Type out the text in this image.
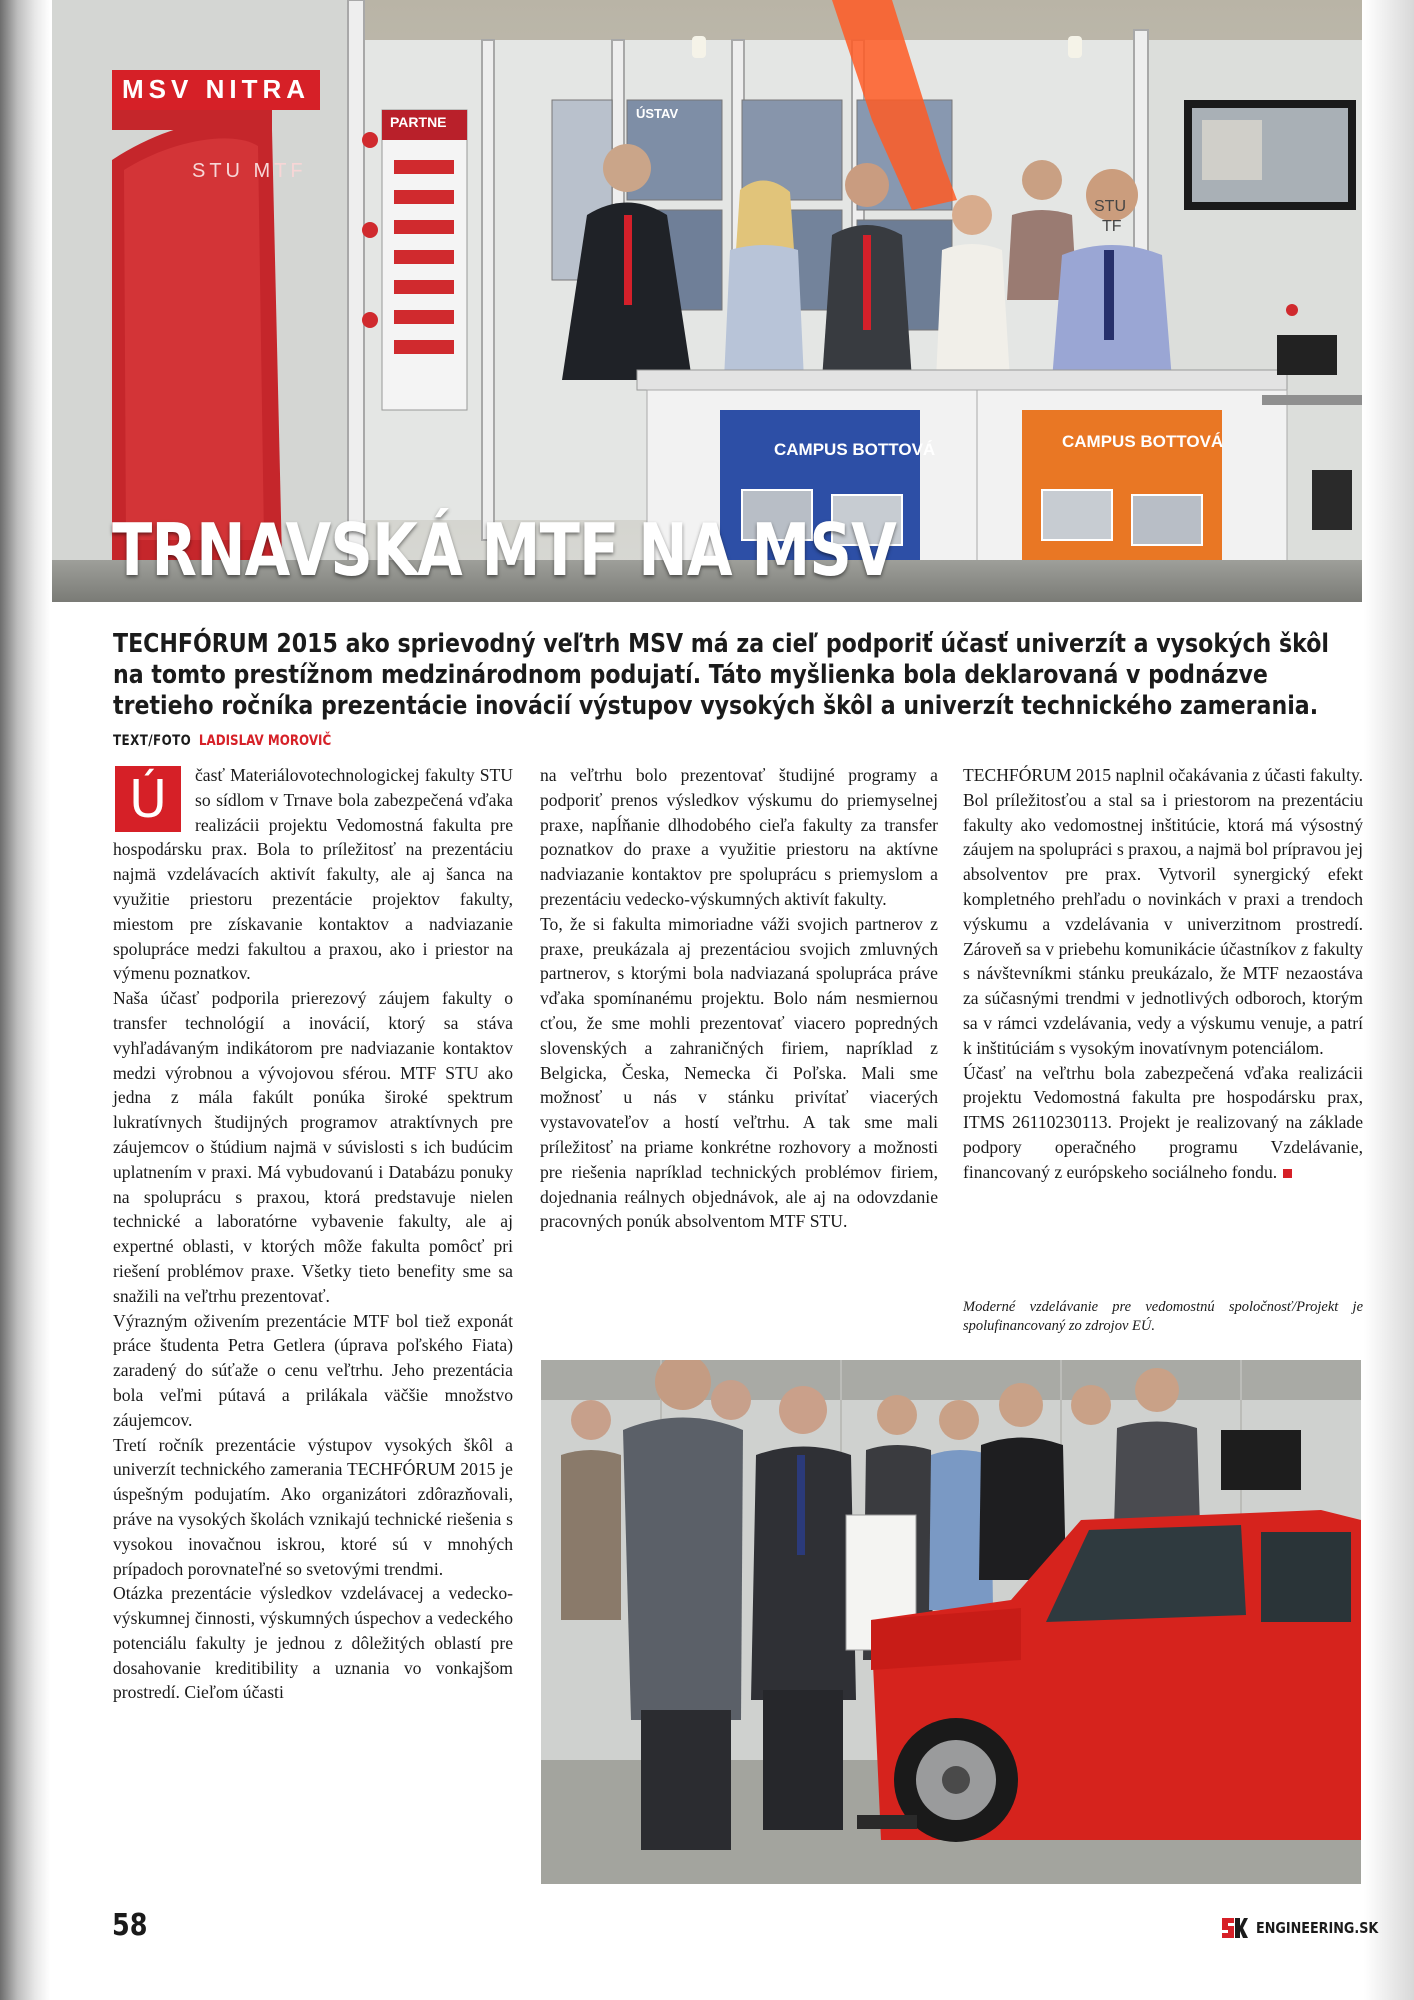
CAMPUS BOTTOVÁ	CAMPUS BOTTOVÁ
PARTNE
ÚSTAV
STU MTF
STU
TF
MSV NITRA
TRNAVSKÁ MTF NA MSV
TECHFÓRUM 2015 ako sprievodný veľtrh MSV má za cieľ podporiť účasť univerzít a vysokých škôl na tomto prestížnom medzinárodnom podujatí. Táto myšlienka bola deklarovaná v podnázve tretieho ročníka prezentácie inovácií výstupov vysokých škôl a univerzít technického zamerania. TEXT/FOTO LADISLAV MOROVIČ

Ú	časť Materiálovotechnologickej fakulty STU so sídlom v Trnave bola zabezpečená vďaka realizácii projektu Vedomostná fakulta pre hospodársku prax. Bola to príležitosť na prezentáciu najmä vzdelávacích aktivít fakulty, ale aj šanca na využitie priestoru prezentácie projektov fakulty, miestom pre získavanie kontaktov a nadviazanie spolupráce medzi fakultou a praxou, ako i priestor na výmenu poznatkov.

Naša účasť podporila prierezový záujem fakulty o transfer technológií a inovácií, ktorý sa stáva vyhľadávaným indikátorom pre nadviazanie kontaktov medzi výrobnou a vývojovou sférou. MTF STU ako jedna z mála fakúlt ponúka široké spektrum lukratívnych študijných programov atraktívnych pre záujemcov o štúdium najmä v súvislosti s ich budúcim uplatnením v praxi. Má vybudovanú i Databázu ponuky na spoluprácu s praxou, ktorá predstavuje nielen technické a laboratórne vybavenie fakulty, ale aj expertné oblasti, v ktorých môže fakulta pomôcť pri riešení problémov praxe. Všetky tieto benefity sme sa snažili na veľtrhu prezentovať.

Výrazným oživením prezentácie MTF bol tiež exponát práce študenta Petra Getlera (úprava poľského Fiata) zaradený do súťaže o cenu veľtrhu. Jeho prezentácia bola veľmi pútavá a prilákala väčšie množstvo záujemcov.

Tretí ročník prezentácie výstupov vysokých škôl a univerzít technického zamerania TECHFÓRUM 2015 je úspešným podujatím. Ako organizátori zdôrazňovali, práve na vysokých školách vznikajú technické riešenia s vysokou inovačnou iskrou, ktoré sú v mnohých prípadoch porovnateľné so svetovými trendmi.

Otázka prezentácie výsledkov vzdelávacej a vedecko-výskumnej činnosti, výskumných úspechov a vedeckého potenciálu fakulty je jednou z dôležitých oblastí pre dosahovanie kreditibility a uznania vo vonkajšom prostredí. Cieľom účasti

na veľtrhu bolo prezentovať študijné programy a podporiť prenos výsledkov výskumu do priemyselnej praxe, napĺňanie dlhodobého cieľa fakulty za transfer poznatkov do praxe a využitie priestoru na aktívne nadviazanie kontaktov pre spoluprácu s priemyslom a prezentáciu vedecko-výskumných aktivít fakulty.

To, že si fakulta mimoriadne váži svojich partnerov z praxe, preukázala aj prezentáciou svojich zmluvných partnerov, s ktorými bola nadviazaná spolupráca práve vďaka spomínanému projektu. Bolo nám nesmiernou cťou, že sme mohli prezentovať viacero popredných slovenských a zahraničných firiem, napríklad z Belgicka, Česka, Nemecka či Poľska. Mali sme možnosť u nás v stánku privítať viacerých vystavovateľov a hostí veľtrhu. A tak sme mali príležitosť na priame konkrétne rozhovory a možnosti pre riešenia napríklad technických problémov firiem, dojednania reálnych objednávok, ale aj na odovzdanie pracovných ponúk absolventom MTF STU.

TECHFÓRUM 2015 naplnil očakávania z účasti fakulty. Bol príležitosťou a stal sa i priestorom na prezentáciu fakulty ako vedomostnej inštitúcie, ktorá má výsostný záujem na spolupráci s praxou, a najmä bol prípravou jej absolventov pre prax. Vytvoril synergický efekt kompletného prehľadu o novinkách v praxi a trendoch výskumu a vzdelávania v univerzitnom prostredí. Zároveň sa v priebehu komunikácie účastníkov z fakulty s návštevníkmi stánku preukázalo, že MTF nezaostáva za súčasnými trendmi v jednotlivých odboroch, ktorým sa v rámci vzdelávania, vedy a výskumu venuje, a patrí k inštitúciám s vysokým inovatívnym potenciálom.

Účasť na veľtrhu bola zabezpečená vďaka realizácii projektu Vedomostná fakulta pre hospodársku prax, ITMS 26110230113. Projekt je realizovaný na základe podpory operačného programu Vzdelávanie, financovaný z európskeho sociálneho fondu.

Moderné vzdelávanie pre vedomostnú spoločnosť/Projekt je spolufinancovaný zo zdrojov EÚ.
58	ENGINEERING.SK
